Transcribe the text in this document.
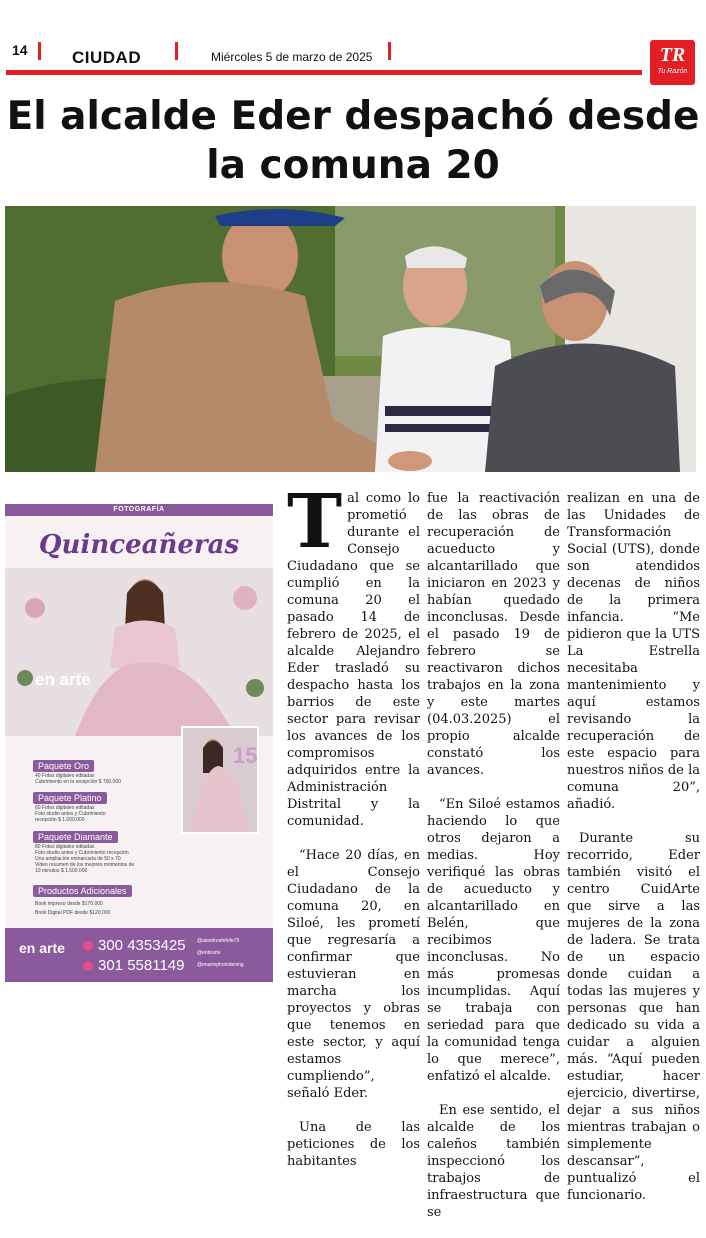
14	CIUDAD	Miércoles 5 de marzo de 2025	TR
Tu Razón
El alcalde Eder despachó desde la comuna 20
FOTOGRAFÍA
Quinceañeras
en arte
15
Paquete Oro
40 Fotos digitales editadas
Cubrimiento en la recepción $ 700.000
Paquete Platino
60 Fotos digitales editadas
Foto studio antes y Cubrimiento
recepción $ 1.000.000
Paquete Diamante
80 Fotos digitales editadas
Foto studio antes y Cubrimiento recepción
Una ampliación enmarcada de 50 x 70
Video resumen de los mejores momentos de
10 minutos $ 1.500.000
Productos Adicionales
Book impreso desde $170.000
Book Digital PDF desde $120.000
en arte	300 4353425
301 5581149
@alandresfefefe79
@enbrarte
@enartephotodesing

Tal como lo prometió durante el Consejo Ciudadano que se cumplió en la comuna 20 el pasado 14 de febrero de 2025, el alcalde Alejandro Eder trasladó su despacho hasta los barrios de este sector para revisar los avances de los compromisos adquiridos entre la Administración Distrital y la comunidad.

“Hace 20 días, en el Consejo Ciudadano de la comuna 20, en Siloé, les prometí que regresaría a confirmar que estuvieran en marcha los proyectos y obras que tenemos en este sector, y aquí estamos cumpliendo”, señaló Eder.

Una de las peticiones de los habitantes

fue la reactivación de las obras de recuperación de acueducto y alcantarillado que iniciaron en 2023 y habían quedado inconclusas. Desde el pasado 19 de febrero se reactivaron dichos trabajos en la zona y este martes (04.03.2025) el propio alcalde constató los avances.

“En Siloé estamos haciendo lo que otros dejaron a medias. Hoy verifiqué las obras de acueducto y alcantarillado en Belén, que recibimos inconclusas. No más promesas incumplidas. Aquí se trabaja con seriedad para que la comunidad tenga lo que merece”, enfatizó el alcalde.

En ese sentido, el alcalde de los caleños también inspeccionó los trabajos de infraestructura que se

realizan en una de las Unidades de Transformación Social (UTS), donde son atendidos decenas de niños de la primera infancia. “Me pidieron que la UTS La Estrella necesitaba mantenimiento y aquí estamos revisando la recuperación de este espacio para nuestros niños de la comuna 20”, añadió.

Durante su recorrido, Eder también visitó el centro CuidArte que sirve a las mujeres de la zona de ladera. Se trata de un espacio donde cuidan a todas las mujeres y personas que han dedicado su vida a cuidar a alguien más. “Aquí pueden estudiar, hacer ejercicio, divertirse, dejar a sus niños mientras trabajan o simplemente descansar”, puntualizó el funcionario.
